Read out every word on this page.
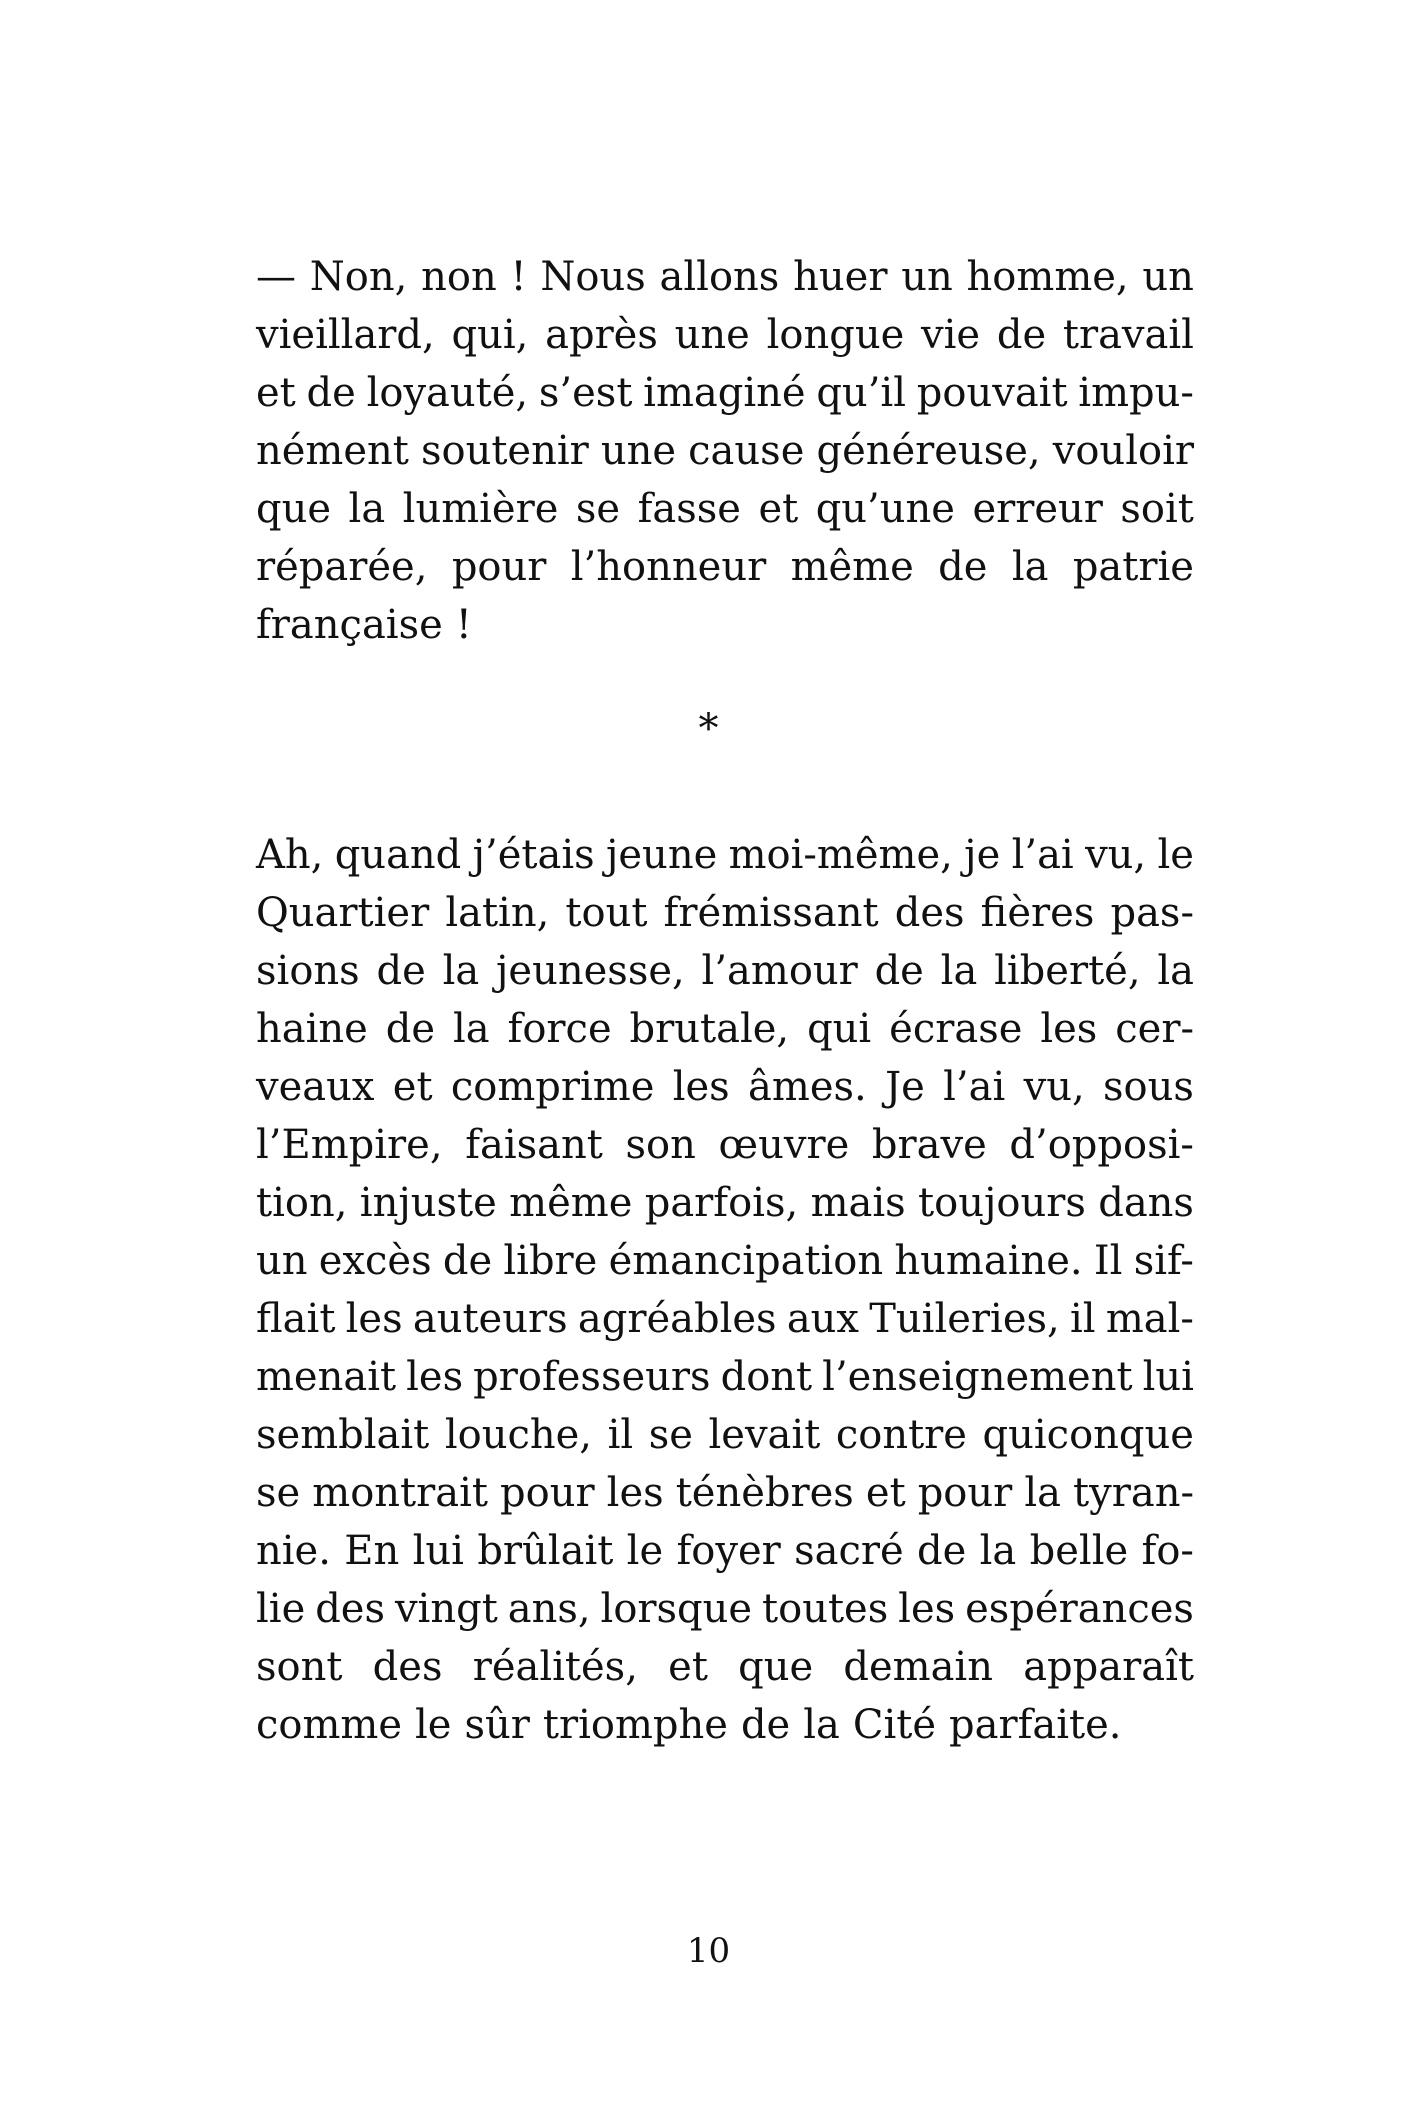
— Non, non ! Nous allons huer un homme, un
vieillard, qui, après une longue vie de travail
et de loyauté, s’est imaginé qu’il pouvait impu-
nément soutenir une cause généreuse, vouloir
que la lumière se fasse et qu’une erreur soit
réparée, pour l’honneur même de la patrie
française !
*
Ah, quand j’étais jeune moi-même, je l’ai vu, le
Quartier latin, tout frémissant des fières pas-
sions de la jeunesse, l’amour de la liberté, la
haine de la force brutale, qui écrase les cer-
veaux et comprime les âmes. Je l’ai vu, sous
l’Empire, faisant son œuvre brave d’opposi-
tion, injuste même parfois, mais toujours dans
un excès de libre émancipation humaine. Il sif-
flait les auteurs agréables aux Tuileries, il mal-
menait les professeurs dont l’enseignement lui
semblait louche, il se levait contre quiconque
se montrait pour les ténèbres et pour la tyran-
nie. En lui brûlait le foyer sacré de la belle fo-
lie des vingt ans, lorsque toutes les espérances
sont des réalités, et que demain apparaît
comme le sûr triomphe de la Cité parfaite.
10
